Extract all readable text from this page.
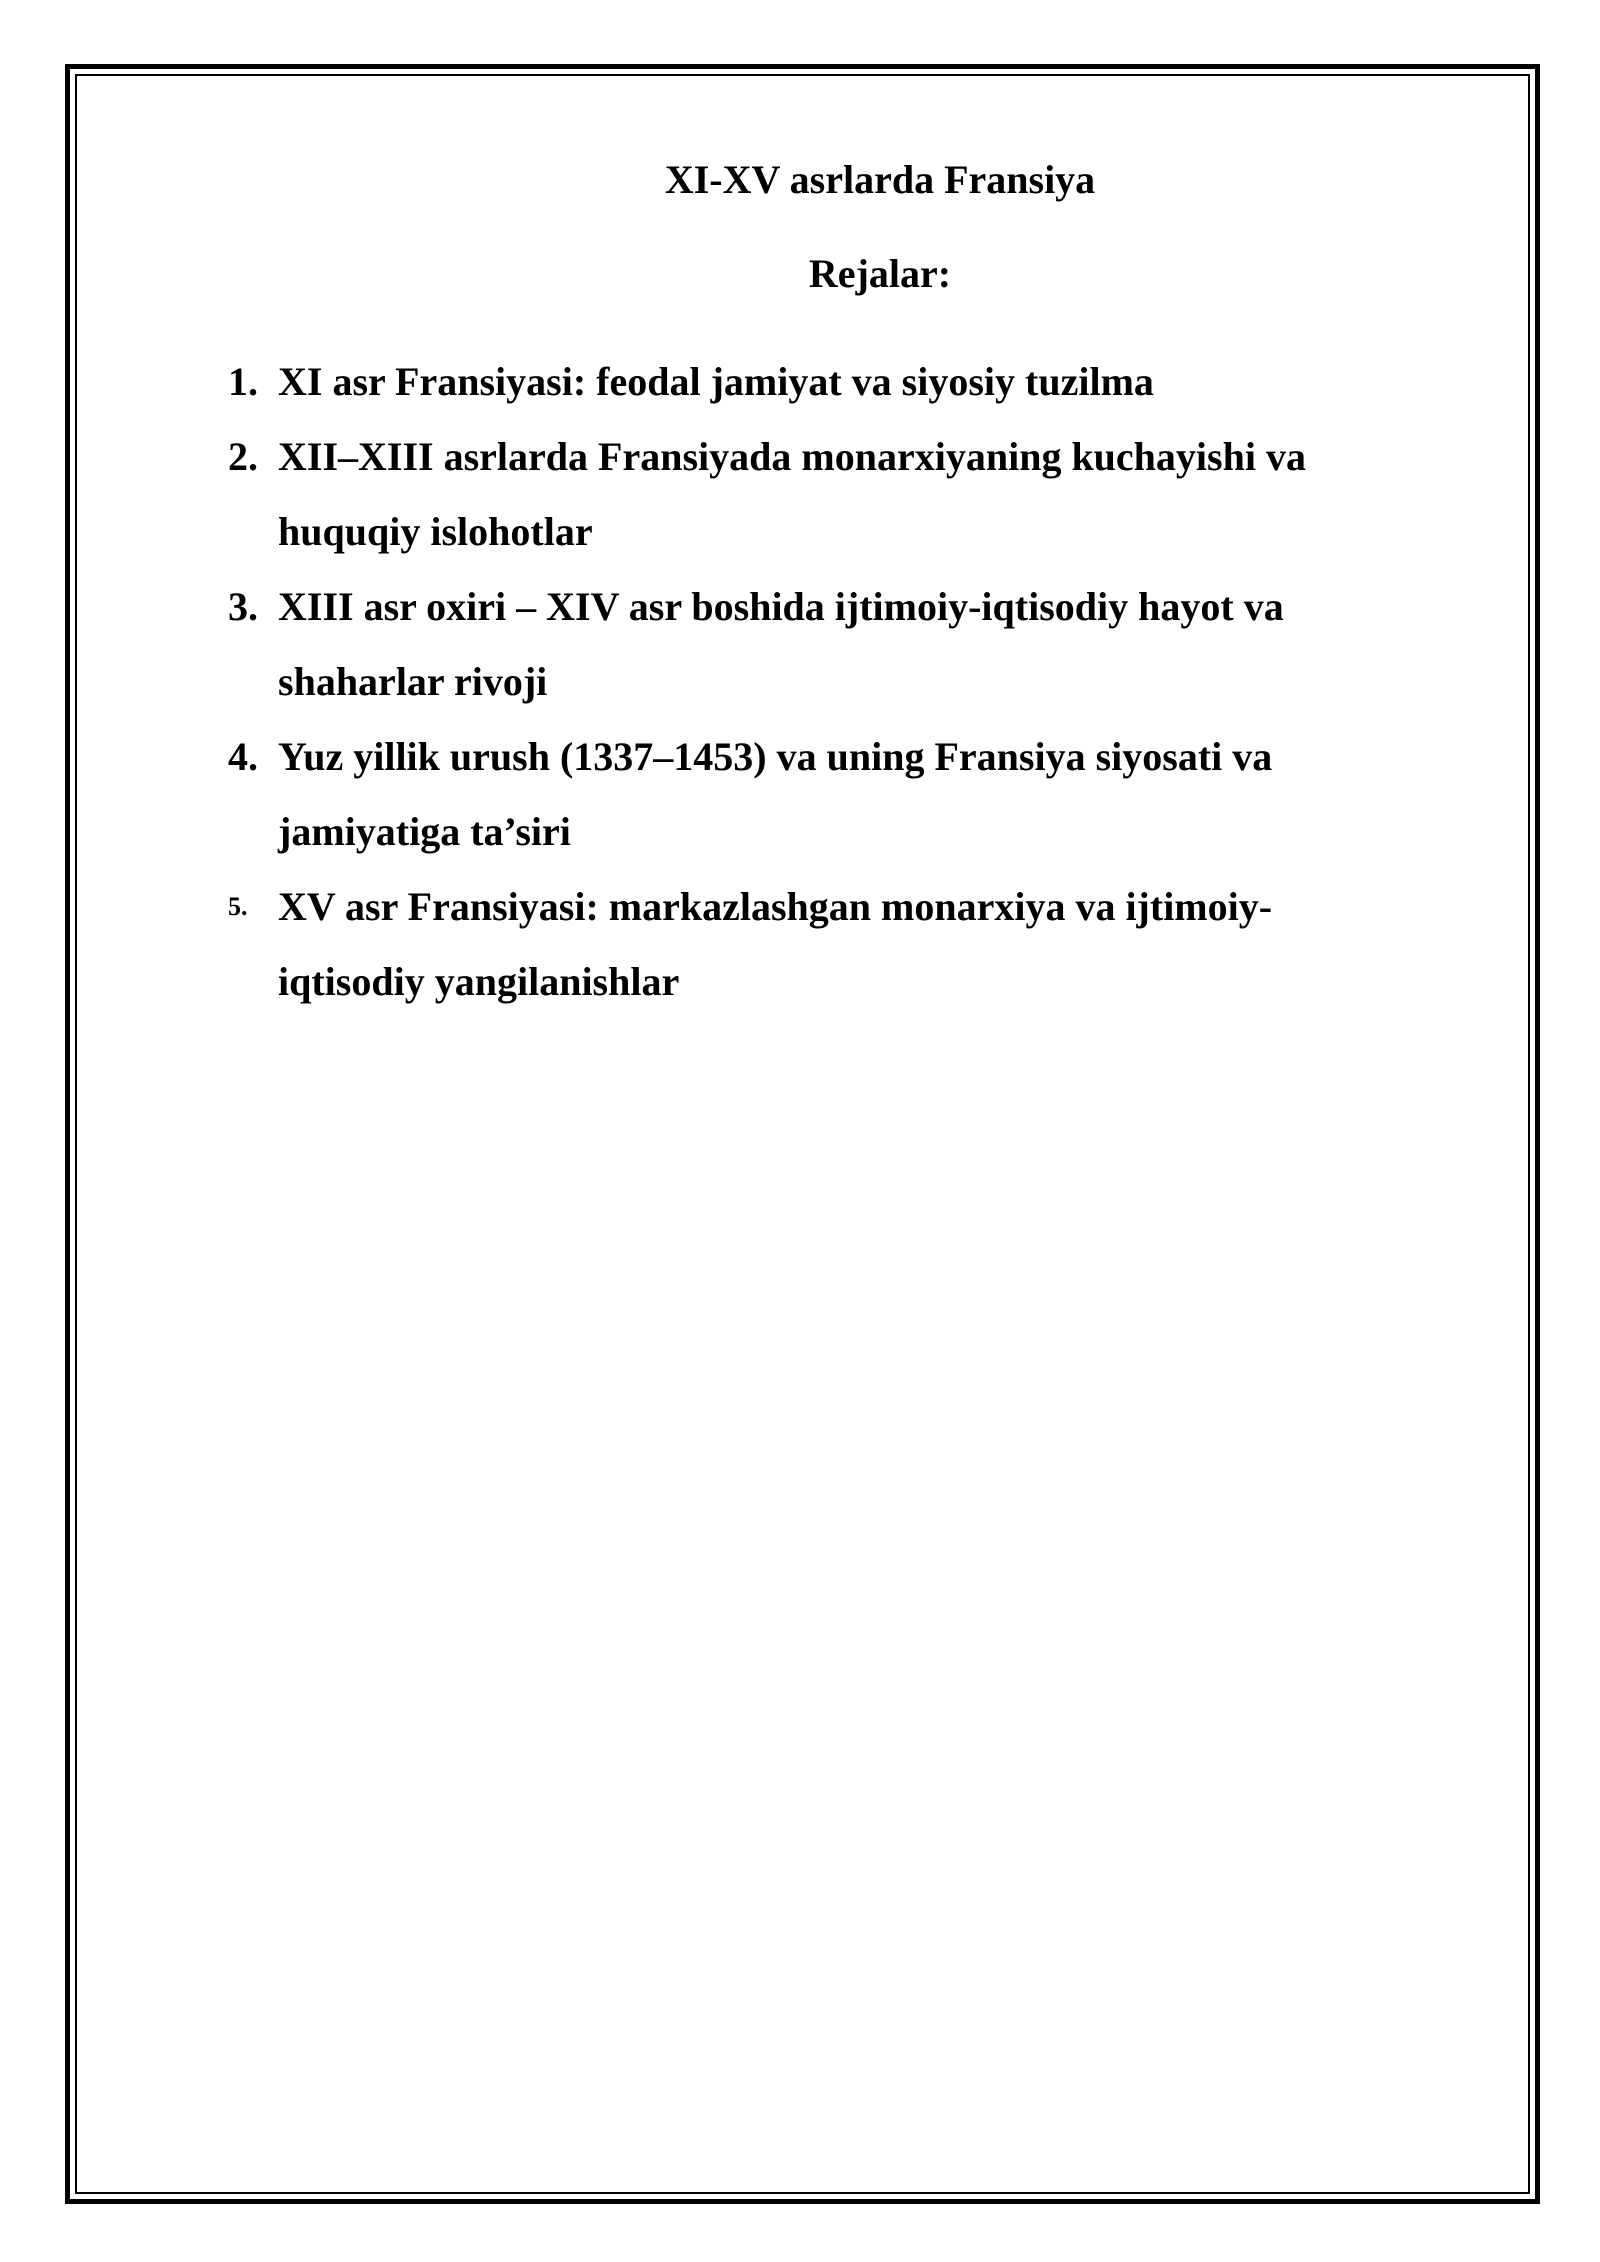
XI-XV asrlarda Fransiya
Rejalar:
1. XI asr Fransiyasi: feodal jamiyat va siyosiy tuzilma
2. XII–XIII asrlarda Fransiyada monarxiyaning kuchayishi va huquqiy islohotlar
3. XIII asr oxiri – XIV asr boshida ijtimoiy-iqtisodiy hayot va shaharlar rivoji
4. Yuz yillik urush (1337–1453) va uning Fransiya siyosati va jamiyatiga ta’siri
5. XV asr Fransiyasi: markazlashgan monarxiya va ijtimoiy-iqtisodiy yangilanishlar
